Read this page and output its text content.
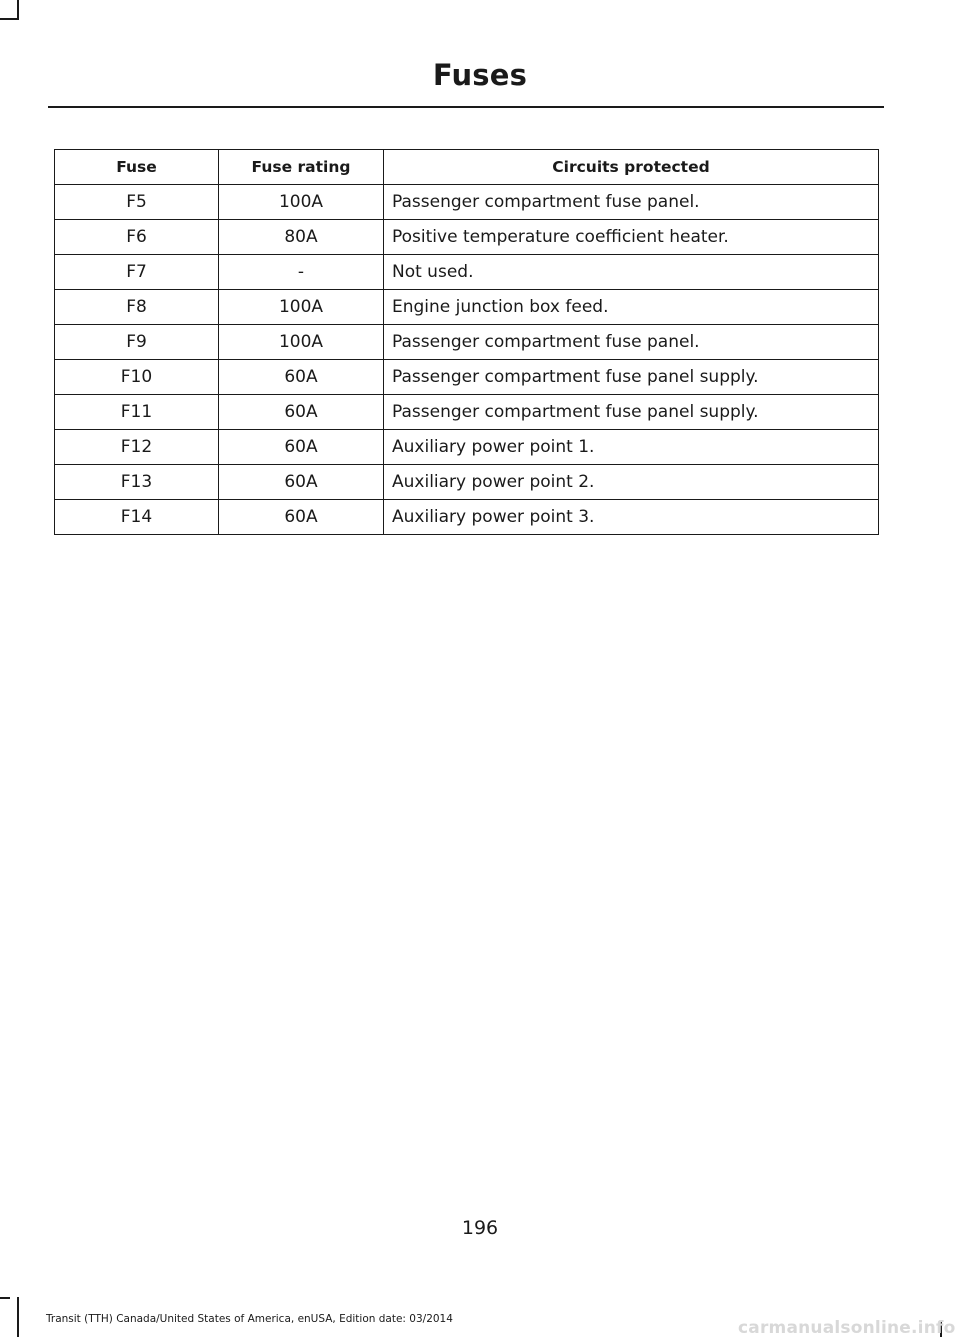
Fuses
Fuse	Fuse rating	Circuits protected
F5	100A	Passenger compartment fuse panel.
F6	80A	Positive temperature coefficient heater.
F7	-	Not used.
F8	100A	Engine junction box feed.
F9	100A	Passenger compartment fuse panel.
F10	60A	Passenger compartment fuse panel supply.
F11	60A	Passenger compartment fuse panel supply.
F12	60A	Auxiliary power point 1.
F13	60A	Auxiliary power point 2.
F14	60A	Auxiliary power point 3.
196
Transit (TTH) Canada/United States of America, enUSA, Edition date: 03/2014	carmanualsonline.info
